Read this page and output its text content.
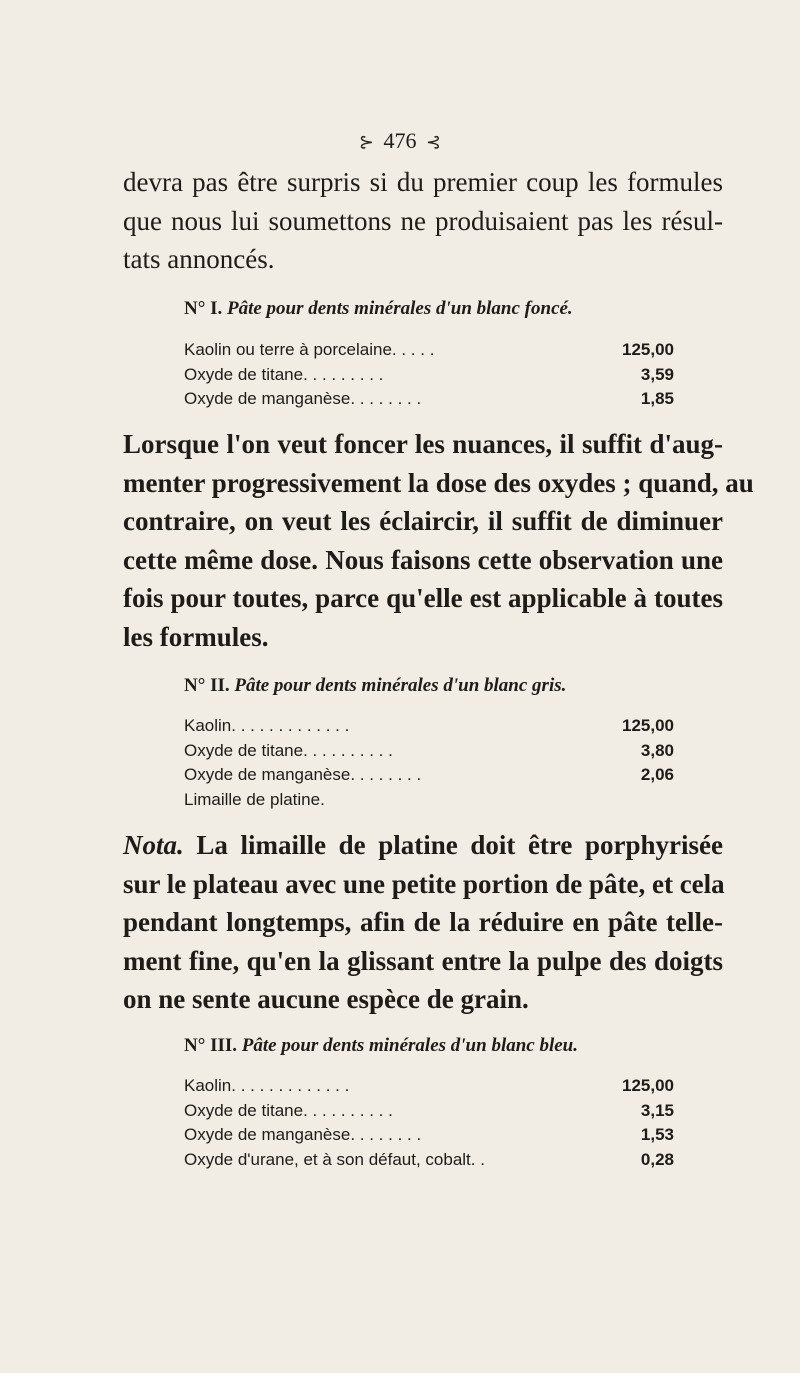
⊱ 476 ⊰
devra pas être surpris si du premier coup les formules
que nous lui soumettons ne produisaient pas les résul-
tats annoncés.
N° I. Pâte pour dents minérales d'un blanc foncé.
Kaolin ou terre à porcelaine. . . . .	125,00
Oxyde de titane. . . . . . . . .	3,59
Oxyde de manganèse. . . . . . . .	1,85
Lorsque l'on veut foncer les nuances, il suffit d'aug-
menter progressivement la dose des oxydes ; quand, au
contraire, on veut les éclaircir, il suffit de diminuer
cette même dose. Nous faisons cette observation une
fois pour toutes, parce qu'elle est applicable à toutes
les formules.
N° II. Pâte pour dents minérales d'un blanc gris.
Kaolin. . . . . . . . . . . . .	125,00
Oxyde de titane. . . . . . . . . .	3,80
Oxyde de manganèse. . . . . . . .	2,06
Limaille de platine.
Nota. La limaille de platine doit être porphyrisée
sur le plateau avec une petite portion de pâte, et cela
pendant longtemps, afin de la réduire en pâte telle-
ment fine, qu'en la glissant entre la pulpe des doigts
on ne sente aucune espèce de grain.
N° III. Pâte pour dents minérales d'un blanc bleu.
Kaolin. . . . . . . . . . . . .	125,00
Oxyde de titane. . . . . . . . . .	3,15
Oxyde de manganèse. . . . . . . .	1,53
Oxyde d'urane, et à son défaut, cobalt. .	0,28
